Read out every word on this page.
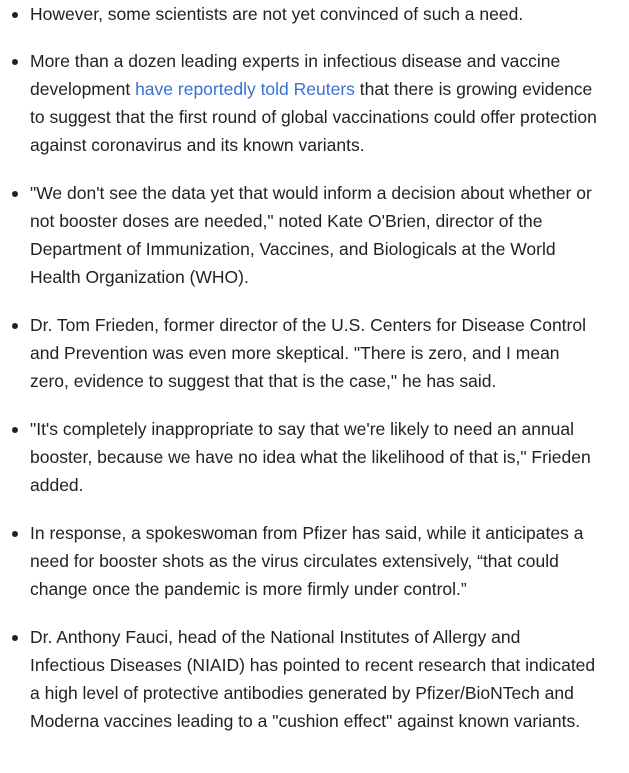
However, some scientists are not yet convinced of such a need.
More than a dozen leading experts in infectious disease and vaccine development have reportedly told Reuters that there is growing evidence to suggest that the first round of global vaccinations could offer protection against coronavirus and its known variants.
"We don't see the data yet that would inform a decision about whether or not booster doses are needed," noted Kate O'Brien, director of the Department of Immunization, Vaccines, and Biologicals at the World Health Organization (WHO).
Dr. Tom Frieden, former director of the U.S. Centers for Disease Control and Prevention was even more skeptical. "There is zero, and I mean zero, evidence to suggest that that is the case," he has said.
"It's completely inappropriate to say that we're likely to need an annual booster, because we have no idea what the likelihood of that is," Frieden added.
In response, a spokeswoman from Pfizer has said, while it anticipates a need for booster shots as the virus circulates extensively, “that could change once the pandemic is more firmly under control.”
Dr. Anthony Fauci, head of the National Institutes of Allergy and Infectious Diseases (NIAID) has pointed to recent research that indicated a high level of protective antibodies generated by Pfizer/BioNTech and Moderna vaccines leading to a "cushion effect" against known variants.
